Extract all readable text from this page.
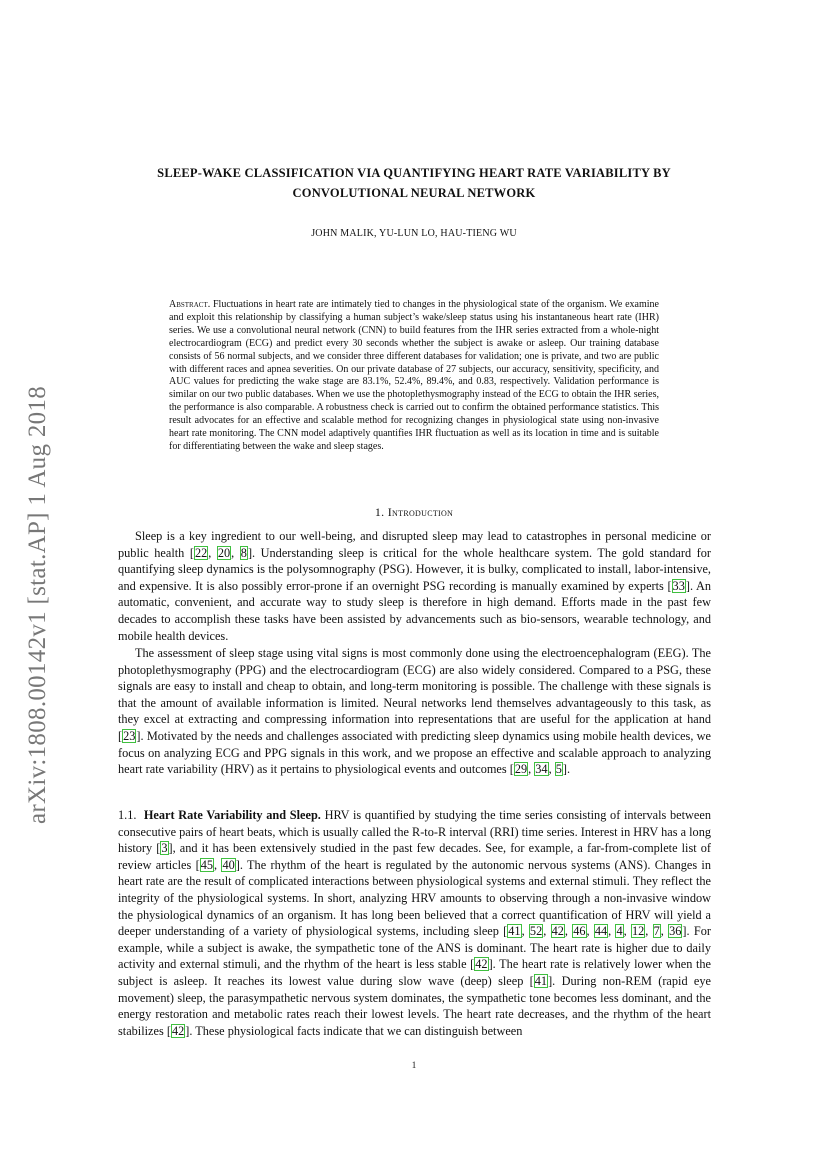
arXiv:1808.00142v1 [stat.AP] 1 Aug 2018
SLEEP-WAKE CLASSIFICATION VIA QUANTIFYING HEART RATE VARIABILITY BY
CONVOLUTIONAL NEURAL NETWORK
JOHN MALIK, YU-LUN LO, HAU-TIENG WU
Abstract. Fluctuations in heart rate are intimately tied to changes in the physiological state of the organism. We examine and exploit this relationship by classifying a human subject’s wake/sleep status using his instantaneous heart rate (IHR) series. We use a convolutional neural network (CNN) to build features from the IHR series extracted from a whole-night electrocardiogram (ECG) and predict every 30 seconds whether the subject is awake or asleep. Our training database consists of 56 normal subjects, and we consider three different databases for validation; one is private, and two are public with different races and apnea severities. On our private database of 27 subjects, our accuracy, sensitivity, specificity, and AUC values for predicting the wake stage are 83.1%, 52.4%, 89.4%, and 0.83, respectively. Validation performance is similar on our two public databases. When we use the photoplethysmography instead of the ECG to obtain the IHR series, the performance is also comparable. A robustness check is carried out to confirm the obtained performance statistics. This result advocates for an effective and scalable method for recognizing changes in physiological state using non-invasive heart rate monitoring. The CNN model adaptively quantifies IHR fluctuation as well as its location in time and is suitable for differentiating between the wake and sleep stages.
1. Introduction

Sleep is a key ingredient to our well-being, and disrupted sleep may lead to catastrophes in personal medicine or public health [22, 20, 8]. Understanding sleep is critical for the whole healthcare system. The gold standard for quantifying sleep dynamics is the polysomnography (PSG). However, it is bulky, complicated to install, labor-intensive, and expensive. It is also possibly error-prone if an overnight PSG recording is manually examined by experts [33]. An automatic, convenient, and accurate way to study sleep is therefore in high demand. Efforts made in the past few decades to accomplish these tasks have been assisted by advancements such as bio-sensors, wearable technology, and mobile health devices.

The assessment of sleep stage using vital signs is most commonly done using the electroencephalogram (EEG). The photoplethysmography (PPG) and the electrocardiogram (ECG) are also widely considered. Compared to a PSG, these signals are easy to install and cheap to obtain, and long-term monitoring is possible. The challenge with these signals is that the amount of available information is limited. Neural networks lend themselves advantageously to this task, as they excel at extracting and compressing information into representations that are useful for the application at hand [23]. Motivated by the needs and challenges associated with predicting sleep dynamics using mobile health devices, we focus on analyzing ECG and PPG signals in this work, and we propose an effective and scalable approach to analyzing heart rate variability (HRV) as it pertains to physiological events and outcomes [29, 34, 5].

1.1. Heart Rate Variability and Sleep. HRV is quantified by studying the time series consisting of intervals between consecutive pairs of heart beats, which is usually called the R-to-R interval (RRI) time series. Interest in HRV has a long history [3], and it has been extensively studied in the past few decades. See, for example, a far-from-complete list of review articles [45, 40]. The rhythm of the heart is regulated by the autonomic nervous systems (ANS). Changes in heart rate are the result of complicated interactions between physiological systems and external stimuli. They reflect the integrity of the physiological systems. In short, analyzing HRV amounts to observing through a non-invasive window the physiological dynamics of an organism. It has long been believed that a correct quantification of HRV will yield a deeper understanding of a variety of physiological systems, including sleep [41, 52, 42, 46, 44, 4, 12, 7, 36]. For example, while a subject is awake, the sympathetic tone of the ANS is dominant. The heart rate is higher due to daily activity and external stimuli, and the rhythm of the heart is less stable [42]. The heart rate is relatively lower when the subject is asleep. It reaches its lowest value during slow wave (deep) sleep [41]. During non-REM (rapid eye movement) sleep, the parasympathetic nervous system dominates, the sympathetic tone becomes less dominant, and the energy restoration and metabolic rates reach their lowest levels. The heart rate decreases, and the rhythm of the heart stabilizes [42]. These physiological facts indicate that we can distinguish between

1
